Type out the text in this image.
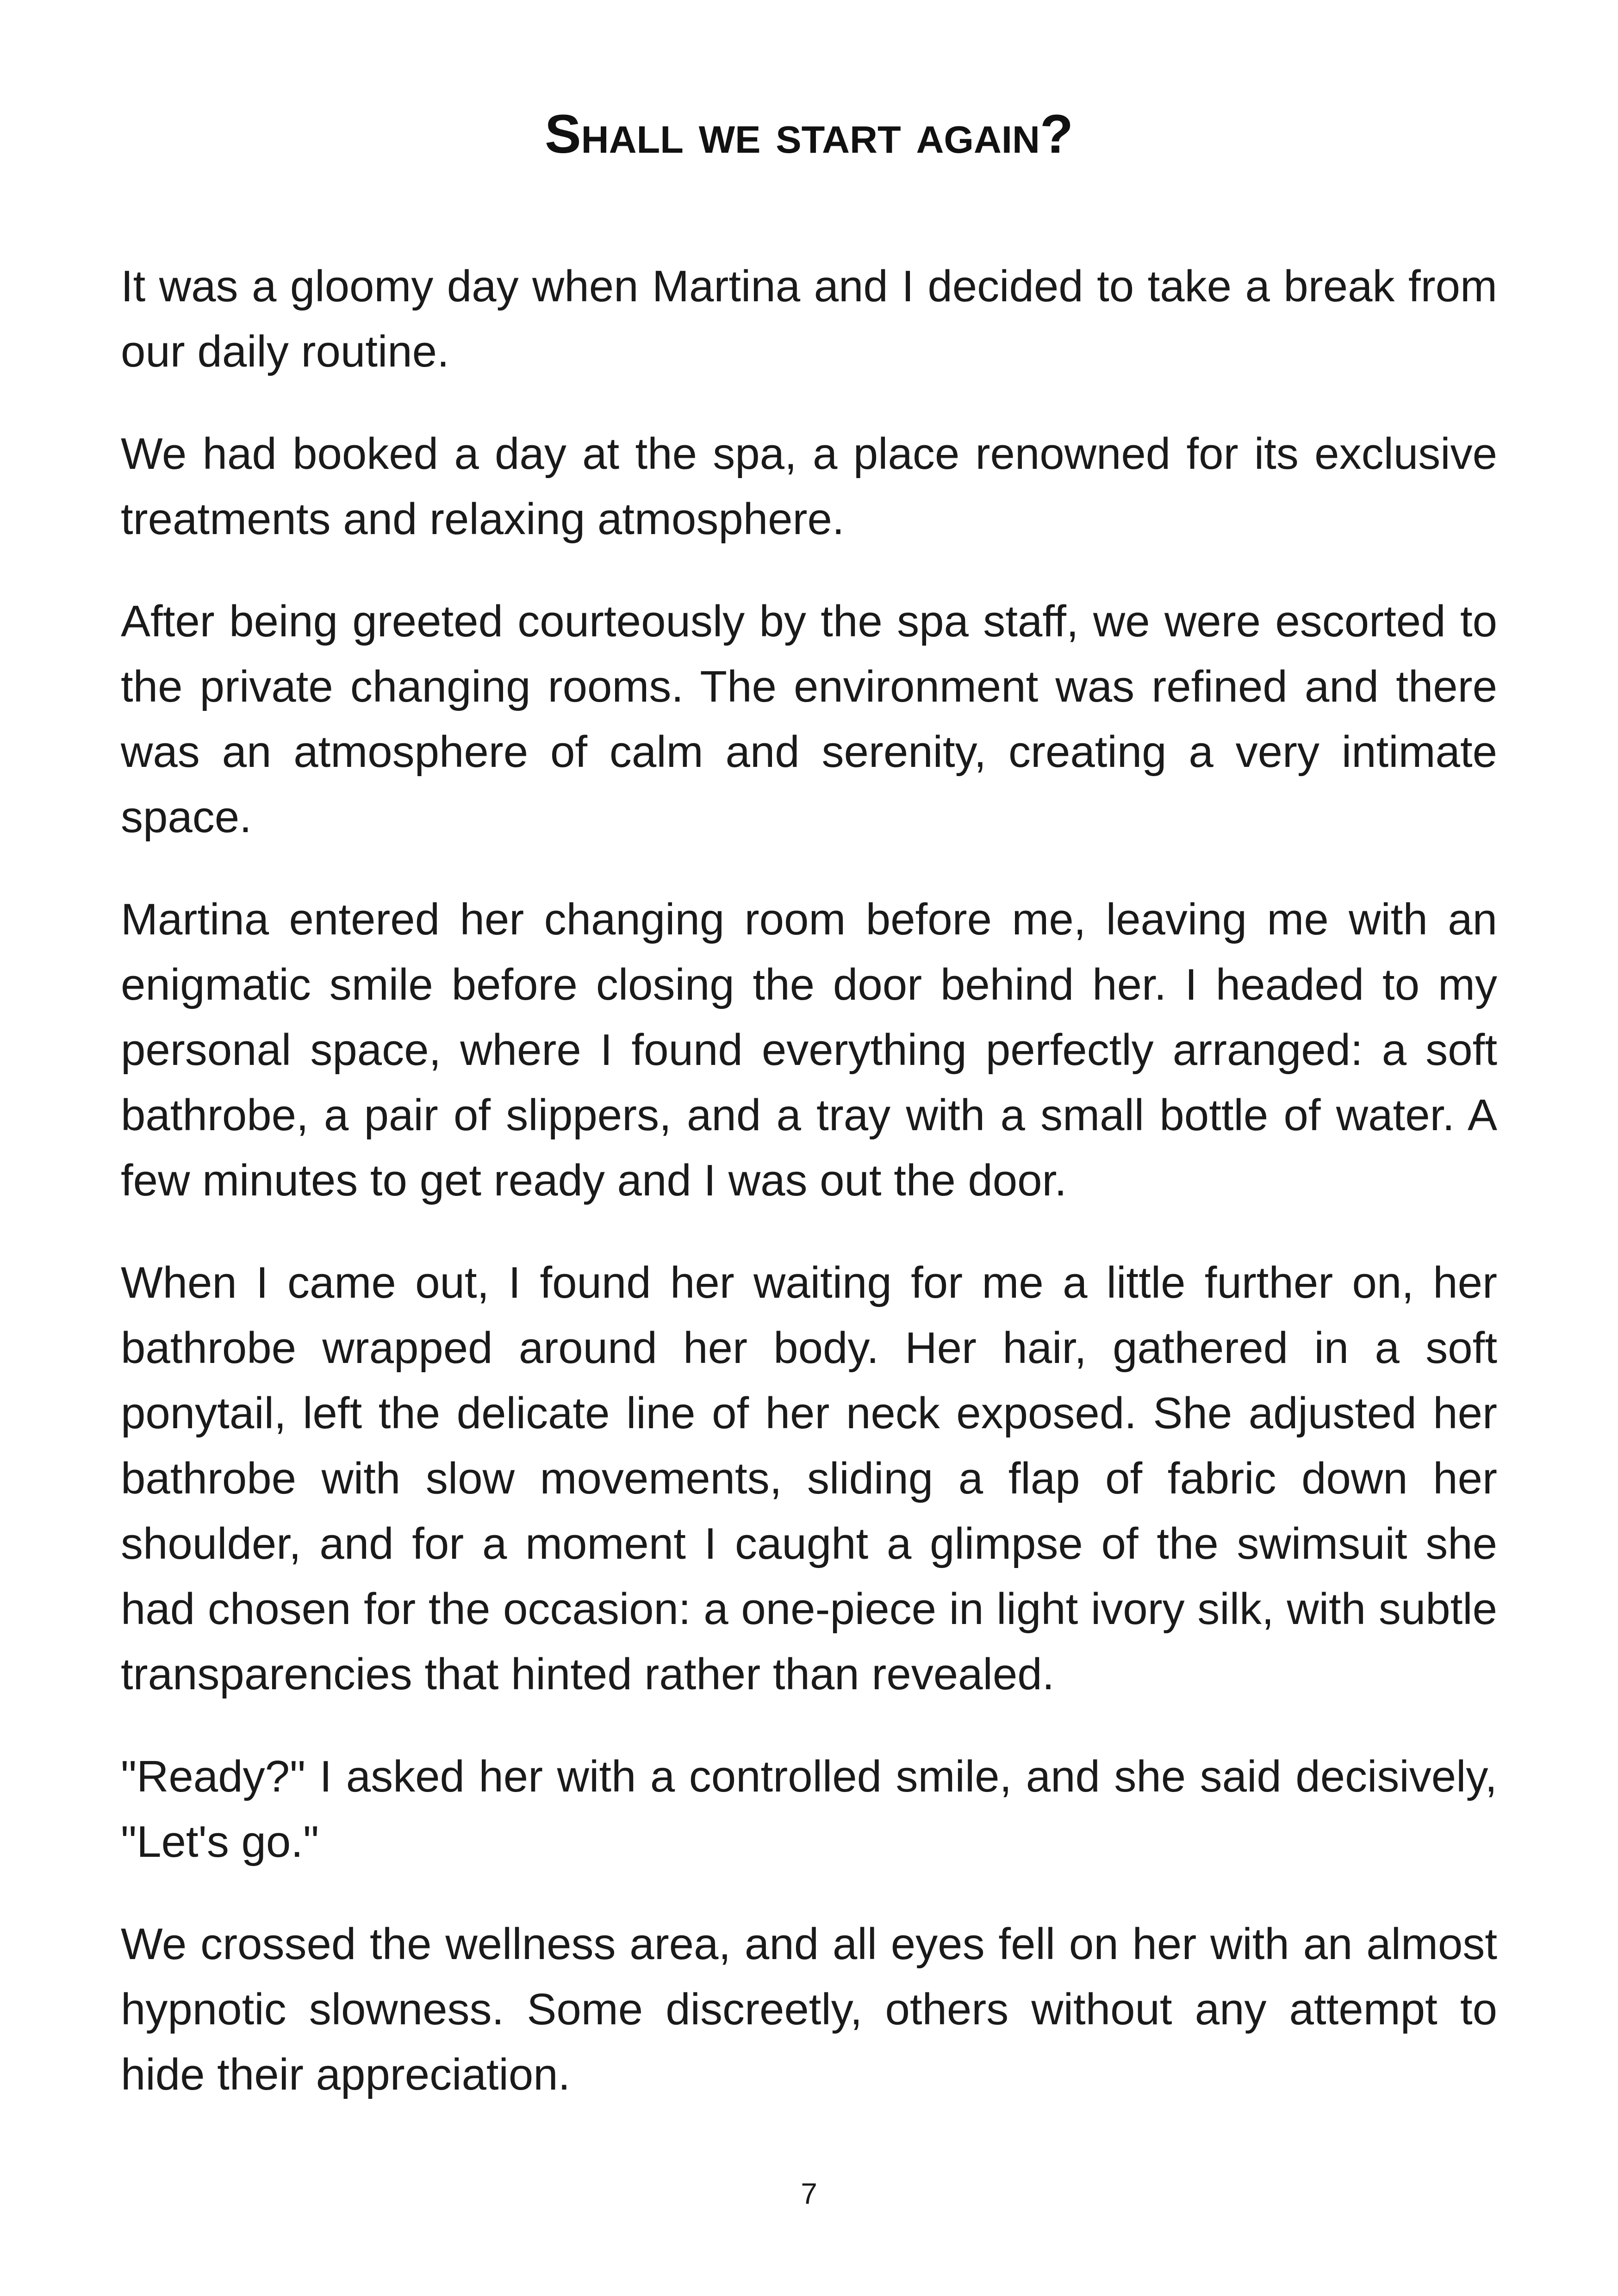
Shall we start again?

It was a gloomy day when Martina and I decided to take a break from our daily routine.

We had booked a day at the spa, a place renowned for its exclusive treatments and relaxing atmosphere.

After being greeted courteously by the spa staff, we were escorted to the private changing rooms. The environment was refined and there was an atmosphere of calm and serenity, creating a very intimate space.

Martina entered her changing room before me, leaving me with an enigmatic smile before closing the door behind her. I headed to my personal space, where I found everything perfectly arranged: a soft bathrobe, a pair of slippers, and a tray with a small bottle of water. A few minutes to get ready and I was out the door.

When I came out, I found her waiting for me a little further on, her bathrobe wrapped around her body. Her hair, gathered in a soft ponytail, left the delicate line of her neck exposed. She adjusted her bathrobe with slow movements, sliding a flap of fabric down her shoulder, and for a moment I caught a glimpse of the swimsuit she had chosen for the occasion: a one-piece in light ivory silk, with subtle transparencies that hinted rather than revealed.

"Ready?" I asked her with a controlled smile, and she said decisively, "Let's go."

We crossed the wellness area, and all eyes fell on her with an almost hypnotic slowness. Some discreetly, others without any attempt to hide their appreciation.

7
